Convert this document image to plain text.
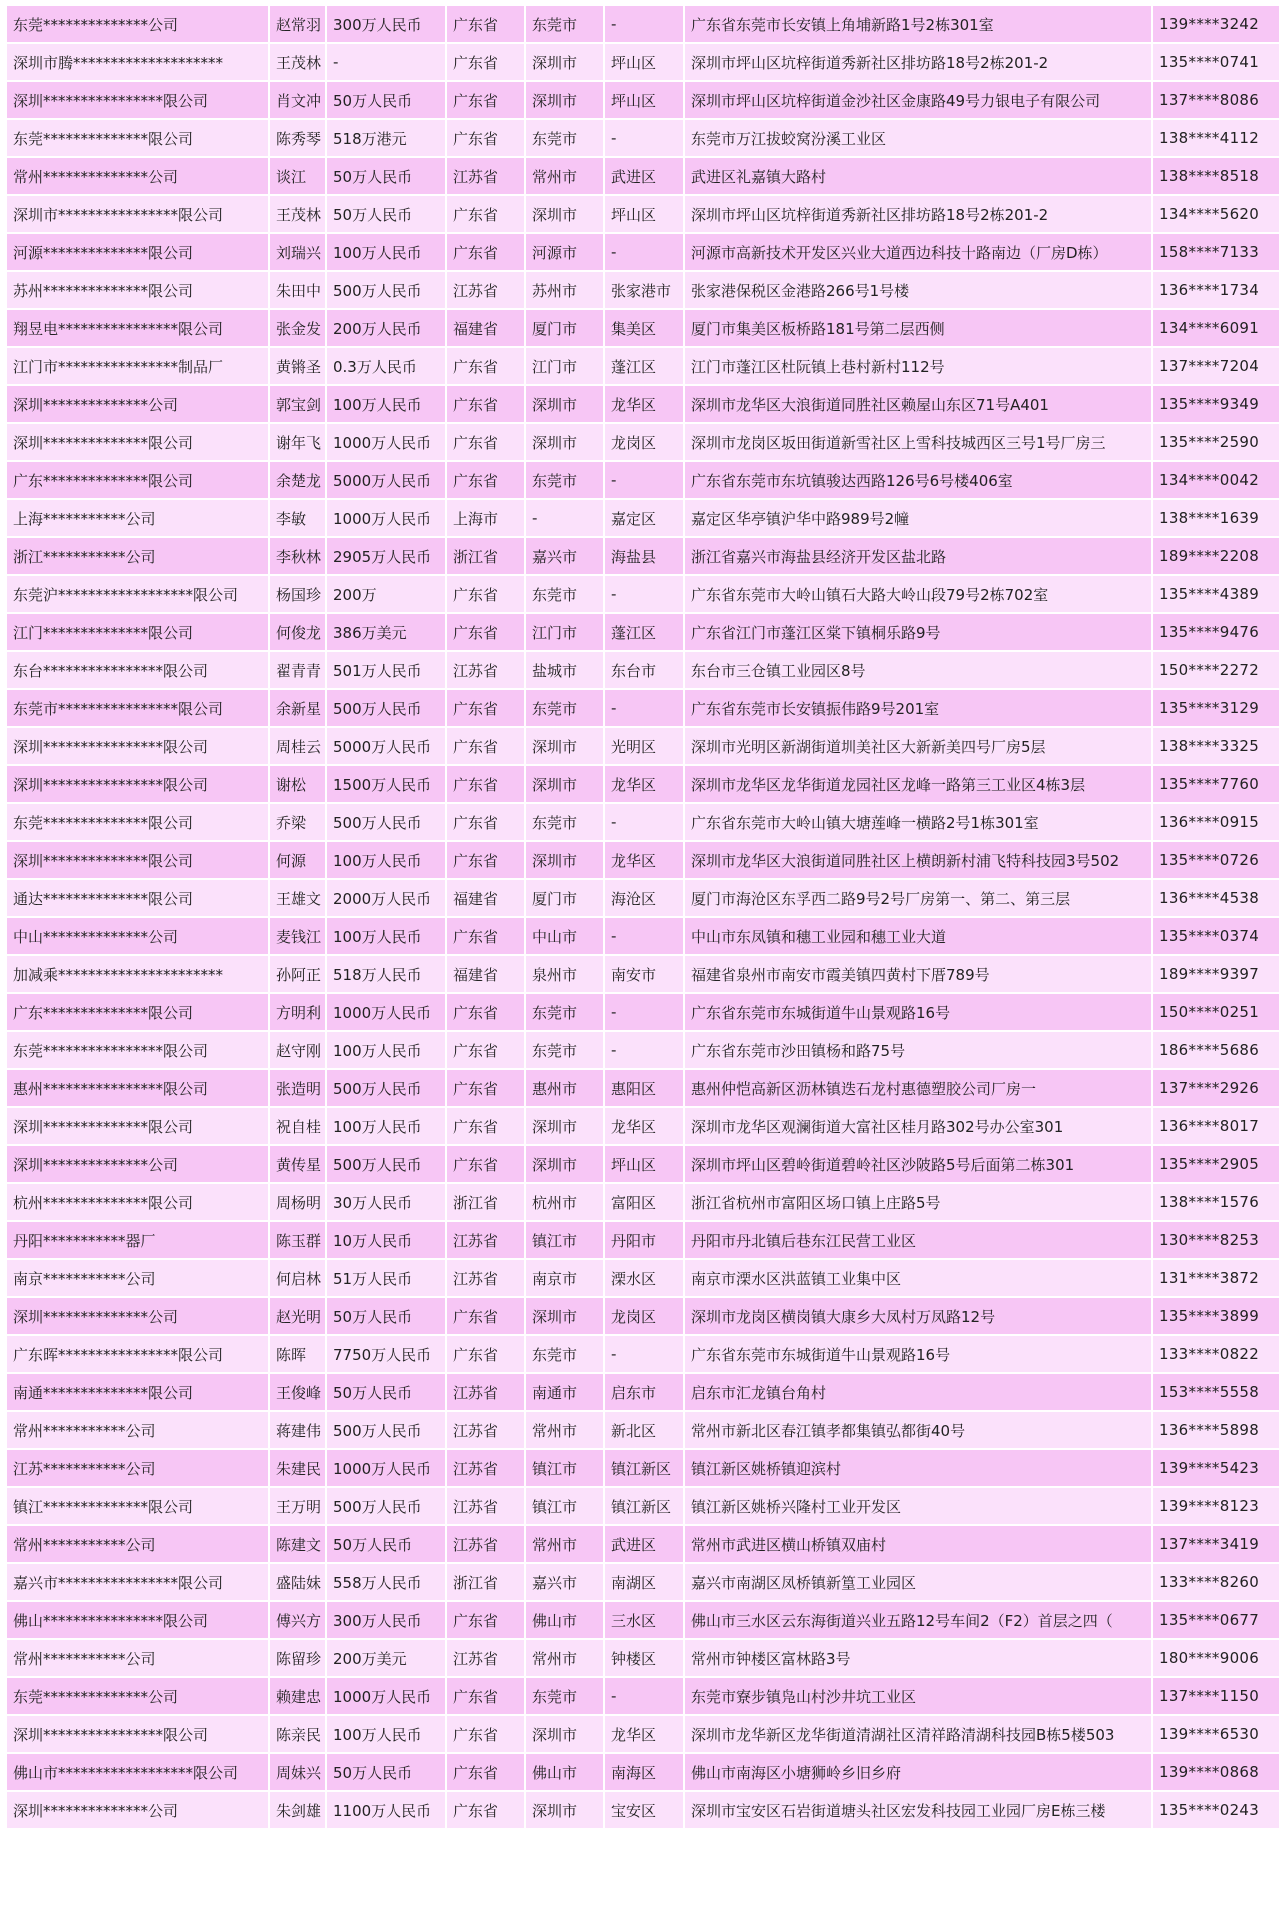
东莞**************公司	赵常羽	300万人民币	广东省	东莞市	-	广东省东莞市长安镇上角埔新路1号2栋301室	139****3242
深圳市腾********************	王茂林	-	广东省	深圳市	坪山区	深圳市坪山区坑梓街道秀新社区排坊路18号2栋201-2	135****0741
深圳****************限公司	肖文冲	50万人民币	广东省	深圳市	坪山区	深圳市坪山区坑梓街道金沙社区金康路49号力银电子有限公司	137****8086
东莞**************限公司	陈秀琴	518万港元	广东省	东莞市	-	东莞市万江拔蛟窝汾溪工业区	138****4112
常州**************公司	谈江	50万人民币	江苏省	常州市	武进区	武进区礼嘉镇大路村	138****8518
深圳市****************限公司	王茂林	50万人民币	广东省	深圳市	坪山区	深圳市坪山区坑梓街道秀新社区排坊路18号2栋201-2	134****5620
河源**************限公司	刘瑞兴	100万人民币	广东省	河源市	-	河源市高新技术开发区兴业大道西边科技十路南边（厂房D栋）	158****7133
苏州**************限公司	朱田中	500万人民币	江苏省	苏州市	张家港市	张家港保税区金港路266号1号楼	136****1734
翔昱电****************限公司	张金发	200万人民币	福建省	厦门市	集美区	厦门市集美区板桥路181号第二层西侧	134****6091
江门市****************制品厂	黄锵圣	0.3万人民币	广东省	江门市	蓬江区	江门市蓬江区杜阮镇上巷村新村112号	137****7204
深圳**************公司	郭宝剑	100万人民币	广东省	深圳市	龙华区	深圳市龙华区大浪街道同胜社区赖屋山东区71号A401	135****9349
深圳**************限公司	谢年飞	1000万人民币	广东省	深圳市	龙岗区	深圳市龙岗区坂田街道新雪社区上雪科技城西区三号1号厂房三	135****2590
广东**************限公司	余楚龙	5000万人民币	广东省	东莞市	-	广东省东莞市东坑镇骏达西路126号6号楼406室	134****0042
上海***********公司	李敏	1000万人民币	上海市	-	嘉定区	嘉定区华亭镇沪华中路989号2幢	138****1639
浙江***********公司	李秋林	2905万人民币	浙江省	嘉兴市	海盐县	浙江省嘉兴市海盐县经济开发区盐北路	189****2208
东莞沪******************限公司	杨国珍	200万	广东省	东莞市	-	广东省东莞市大岭山镇石大路大岭山段79号2栋702室	135****4389
江门**************限公司	何俊龙	386万美元	广东省	江门市	蓬江区	广东省江门市蓬江区棠下镇桐乐路9号	135****9476
东台****************限公司	翟青青	501万人民币	江苏省	盐城市	东台市	东台市三仓镇工业园区8号	150****2272
东莞市****************限公司	余新星	500万人民币	广东省	东莞市	-	广东省东莞市长安镇振伟路9号201室	135****3129
深圳****************限公司	周桂云	5000万人民币	广东省	深圳市	光明区	深圳市光明区新湖街道圳美社区大新新美四号厂房5层	138****3325
深圳****************限公司	谢松	1500万人民币	广东省	深圳市	龙华区	深圳市龙华区龙华街道龙园社区龙峰一路第三工业区4栋3层	135****7760
东莞**************限公司	乔梁	500万人民币	广东省	东莞市	-	广东省东莞市大岭山镇大塘莲峰一横路2号1栋301室	136****0915
深圳**************限公司	何源	100万人民币	广东省	深圳市	龙华区	深圳市龙华区大浪街道同胜社区上横朗新村浦飞特科技园3号502	135****0726
通达**************限公司	王雄文	2000万人民币	福建省	厦门市	海沧区	厦门市海沧区东孚西二路9号2号厂房第一、第二、第三层	136****4538
中山**************公司	麦钱江	100万人民币	广东省	中山市	-	中山市东凤镇和穗工业园和穗工业大道	135****0374
加减乘**********************	孙阿正	518万人民币	福建省	泉州市	南安市	福建省泉州市南安市霞美镇四黄村下厝789号	189****9397
广东**************限公司	方明利	1000万人民币	广东省	东莞市	-	广东省东莞市东城街道牛山景观路16号	150****0251
东莞****************限公司	赵守刚	100万人民币	广东省	东莞市	-	广东省东莞市沙田镇杨和路75号	186****5686
惠州****************限公司	张造明	500万人民币	广东省	惠州市	惠阳区	惠州仲恺高新区沥林镇迭石龙村惠德塑胶公司厂房一	137****2926
深圳**************限公司	祝自桂	100万人民币	广东省	深圳市	龙华区	深圳市龙华区观澜街道大富社区桂月路302号办公室301	136****8017
深圳**************公司	黄传星	500万人民币	广东省	深圳市	坪山区	深圳市坪山区碧岭街道碧岭社区沙陂路5号后面第二栋301	135****2905
杭州**************限公司	周杨明	30万人民币	浙江省	杭州市	富阳区	浙江省杭州市富阳区场口镇上庄路5号	138****1576
丹阳***********器厂	陈玉群	10万人民币	江苏省	镇江市	丹阳市	丹阳市丹北镇后巷东江民营工业区	130****8253
南京***********公司	何启林	51万人民币	江苏省	南京市	溧水区	南京市溧水区洪蓝镇工业集中区	131****3872
深圳**************公司	赵光明	50万人民币	广东省	深圳市	龙岗区	深圳市龙岗区横岗镇大康乡大凤村万凤路12号	135****3899
广东晖****************限公司	陈晖	7750万人民币	广东省	东莞市	-	广东省东莞市东城街道牛山景观路16号	133****0822
南通**************限公司	王俊峰	50万人民币	江苏省	南通市	启东市	启东市汇龙镇台角村	153****5558
常州***********公司	蒋建伟	500万人民币	江苏省	常州市	新北区	常州市新北区春江镇孝都集镇弘都街40号	136****5898
江苏***********公司	朱建民	1000万人民币	江苏省	镇江市	镇江新区	镇江新区姚桥镇迎滨村	139****5423
镇江**************限公司	王万明	500万人民币	江苏省	镇江市	镇江新区	镇江新区姚桥兴隆村工业开发区	139****8123
常州***********公司	陈建文	50万人民币	江苏省	常州市	武进区	常州市武进区横山桥镇双庙村	137****3419
嘉兴市****************限公司	盛陆妹	558万人民币	浙江省	嘉兴市	南湖区	嘉兴市南湖区凤桥镇新篁工业园区	133****8260
佛山****************限公司	傅兴方	300万人民币	广东省	佛山市	三水区	佛山市三水区云东海街道兴业五路12号车间2（F2）首层之四（	135****0677
常州***********公司	陈留珍	200万美元	江苏省	常州市	钟楼区	常州市钟楼区富林路3号	180****9006
东莞**************公司	赖建忠	1000万人民币	广东省	东莞市	-	东莞市寮步镇凫山村沙井坑工业区	137****1150
深圳****************限公司	陈亲民	100万人民币	广东省	深圳市	龙华区	深圳市龙华新区龙华街道清湖社区清祥路清湖科技园B栋5楼503	139****6530
佛山市******************限公司	周妹兴	50万人民币	广东省	佛山市	南海区	佛山市南海区小塘狮岭乡旧乡府	139****0868
深圳**************公司	朱剑雄	1100万人民币	广东省	深圳市	宝安区	深圳市宝安区石岩街道塘头社区宏发科技园工业园厂房E栋三楼	135****0243
